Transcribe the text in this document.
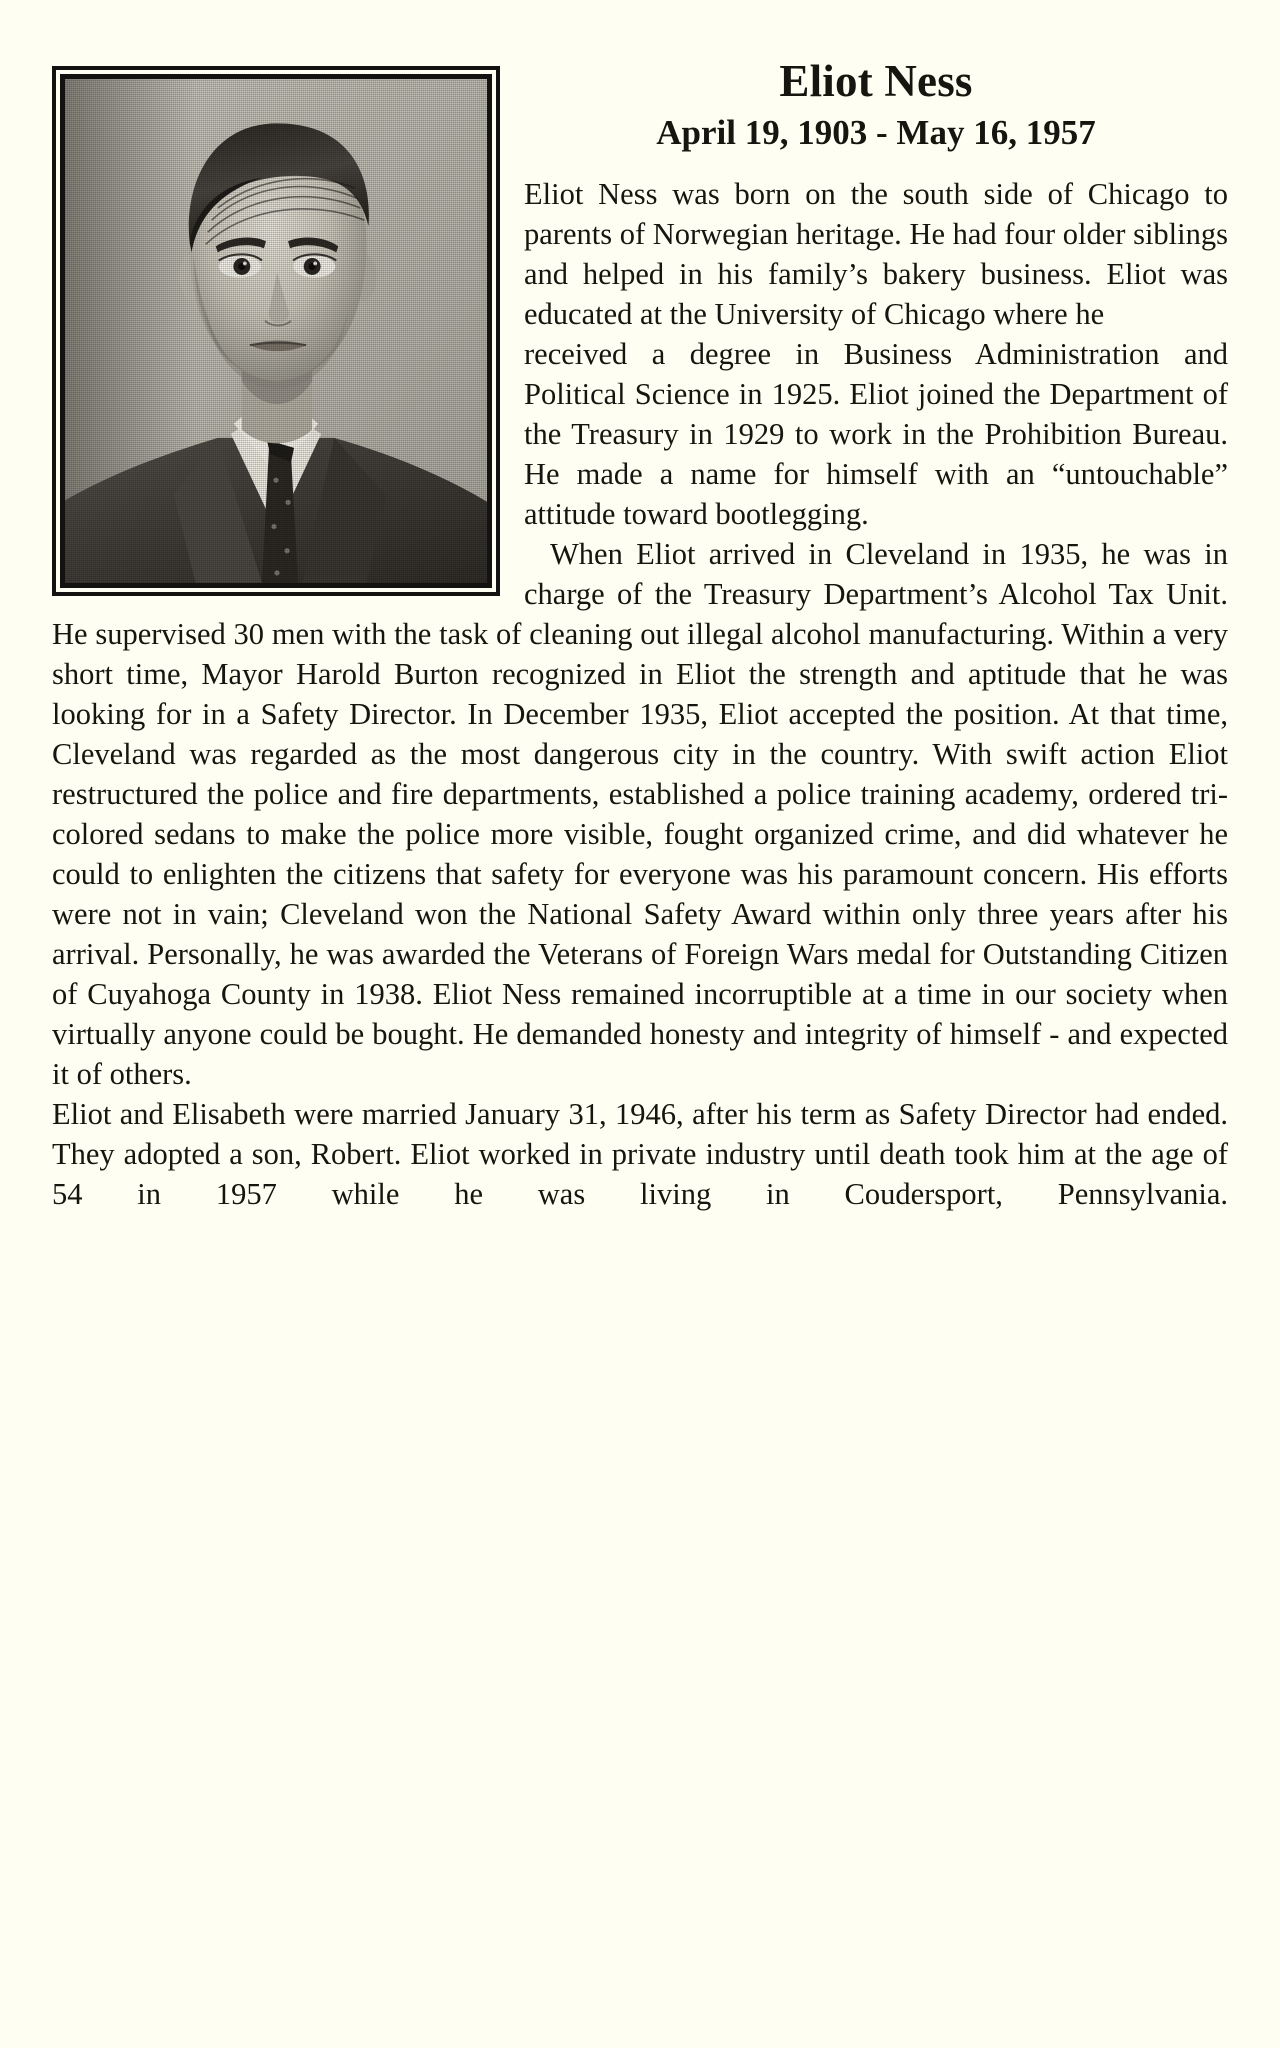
Eliot Ness
April 19, 1903 - May 16, 1957

Eliot Ness was born on the south side of Chicago to parents of Norwegian heritage. He had four older siblings and helped in his family’s bakery business. Eliot was educated at the University of Chicago where he

received a degree in Business Administration and Political Science in 1925. Eliot joined the Department of the Treasury in 1929 to work in the Prohibition Bureau. He made a name for himself with an “untouchable” attitude toward bootlegging.

When Eliot arrived in Cleveland in 1935, he was in charge of the Treasury Department’s Alcohol Tax Unit. He supervised 30 men with the task of cleaning out illegal alcohol manufacturing. Within a very short time, Mayor Harold Burton recognized in Eliot the strength and aptitude that he was looking for in a Safety Director. In December 1935, Eliot accepted the position. At that time, Cleveland was regarded as the most dangerous city in the country. With swift action Eliot restructured the police and fire departments, established a police training academy, ordered tri-colored sedans to make the police more visible, fought organized crime, and did whatever he could to enlighten the citizens that safety for everyone was his paramount concern. His efforts were not in vain; Cleveland won the National Safety Award within only three years after his arrival. Personally, he was awarded the Veterans of Foreign Wars medal for Outstanding Citizen of Cuyahoga County in 1938. Eliot Ness remained incorruptible at a time in our society when virtually anyone could be bought. He demanded honesty and integrity of himself - and expected it of others.

Eliot and Elisabeth were married January 31, 1946, after his term as Safety Director had ended. They adopted a son, Robert. Eliot worked in private industry until death took him at the age of 54 in 1957 while he was living in Coudersport, Pennsylvania.
